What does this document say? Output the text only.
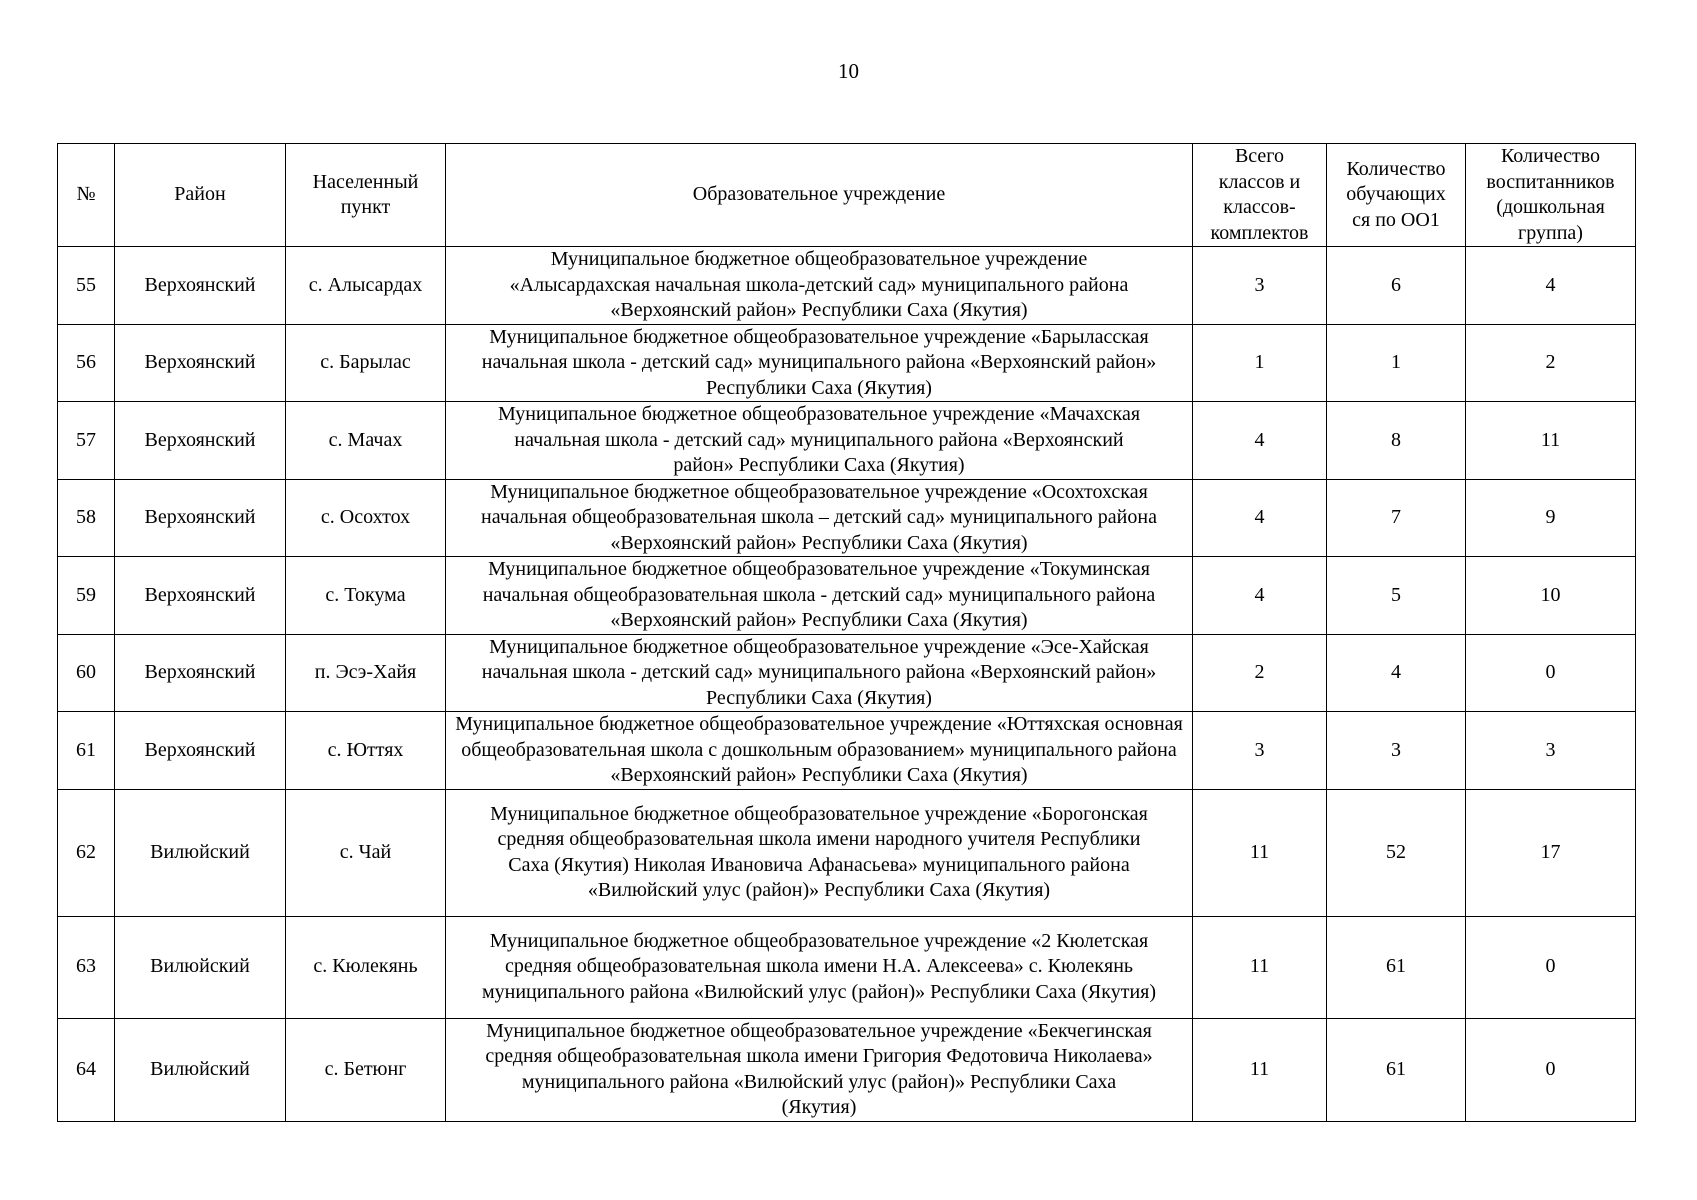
10
№	Район	Населенный пункт	Образовательное учреждение	Всего классов и классов-комплектов	Количество обучающих ся по ОО1	Количество воспитанников (дошкольная группа)
55	Верхоянский	с. Алысардах	Муниципальное бюджетное общеобразовательное учреждение «Алысардахская начальная школа-детский сад» муниципального района «Верхоянский район» Республики Саха (Якутия)	3	6	4
56	Верхоянский	с. Барылас	Муниципальное бюджетное общеобразовательное учреждение «Барылаcская начальная школа - детский сад» муниципального района «Верхоянский район» Республики Саха (Якутия)	1	1	2
57	Верхоянский	с. Мачах	Муниципальное бюджетное общеобразовательное учреждение «Мачахская начальная школа - детский сад» муниципального района «Верхоянский район» Республики Саха (Якутия)	4	8	11
58	Верхоянский	с. Осохтох	Муниципальное бюджетное общеобразовательное учреждение «Осохтохская начальная общеобразовательная школа – детский сад» муниципального района «Верхоянский район» Республики Саха (Якутия)	4	7	9
59	Верхоянский	с. Токума	Муниципальное бюджетное общеобразовательное учреждение «Токуминская начальная общеобразовательная школа - детский сад» муниципального района «Верхоянский район» Республики Саха (Якутия)	4	5	10
60	Верхоянский	п. Эсэ-Хайя	Муниципальное бюджетное общеобразовательное учреждение «Эсе-Хайская начальная школа - детский сад» муниципального района «Верхоянский район» Республики Саха (Якутия)	2	4	0
61	Верхоянский	с. Юттях	Муниципальное бюджетное общеобразовательное учреждение «Юттяхская основная общеобразовательная школа с дошкольным образованием» муниципального района «Верхоянский район» Республики Саха (Якутия)	3	3	3
62	Вилюйский	с. Чай	Муниципальное бюджетное общеобразовательное учреждение «Борогонская средняя общеобразовательная школа имени народного учителя Республики Саха (Якутия) Николая Ивановича Афанасьева» муниципального района «Вилюйский улус (район)» Республики Саха (Якутия)	11	52	17
63	Вилюйский	с. Кюлекянь	Муниципальное бюджетное общеобразовательное учреждение «2 Кюлетская средняя общеобразовательная школа имени Н.А. Алексеева» с. Кюлекянь муниципального района «Вилюйский улус (район)» Республики Саха (Якутия)	11	61	0
64	Вилюйский	с. Бетюнг	Муниципальное бюджетное общеобразовательное учреждение «Бекчегинская средняя общеобразовательная школа имени Григория Федотовича Николаева» муниципального района «Вилюйский улус (район)» Республики Саха (Якутия)	11	61	0
